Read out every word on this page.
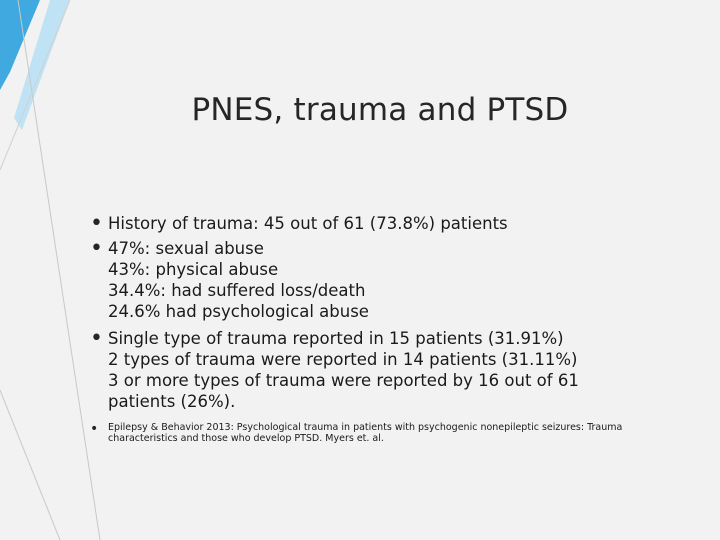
PNES, trauma and PTSD
• History of trauma: 45 out of 61 (73.8%) patients
• 47%: sexual abuse
43%: physical abuse
34.4%: had suffered loss/death
24.6% had psychological abuse
• Single type of trauma reported in 15 patients (31.91%)
2 types of trauma were reported in 14 patients (31.11%)
3 or more types of trauma were reported by 16 out of 61
patients (26%).
• Epilepsy & Behavior 2013: Psychological trauma in patients with psychogenic nonepileptic seizures: Trauma
characteristics and those who develop PTSD. Myers et. al.
